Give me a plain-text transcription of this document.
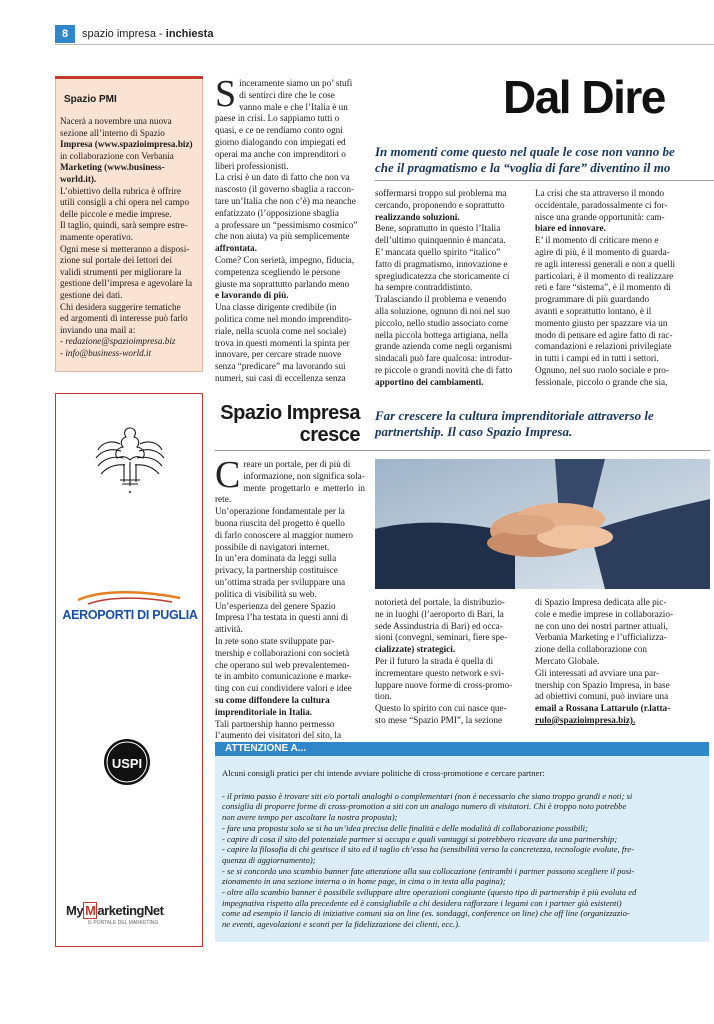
8	spazio impresa - inchiesta
Spazio PMI

Nacerà a novembre una nuova

sezione all’interno di Spazio

Impresa (www.spazioimpresa.biz)

in collaborazione con Verbania

Marketing (www.business-

world.it).

L’obiettivo della rubrica è offrire

utili consigli a chi opera nel campo

delle piccole e medie imprese.

Il taglio, quindi, sarà sempre estre-

mamente operativo.

Ogni mese si metteranno a disposi-

zione sul portale dei lettori dei

validi strumenti per migliorare la

gestione dell’impresa e agevolare la

gestione dei dati.

Chi desidera suggerire tematiche

ed argomenti di interesse può farlo

inviando una mail a:

- redazione@spazioimpresa.biz

- info@business-world.it

Dal Dire
In momenti come questo nel quale le cose non vanno be
che il pragmatismo e la “voglia di fare” diventino il mo
S inceramente siamo un po’ stufi

di sentirci dire che le cose

vanno male e che l’Italia è un

paese in crisi. Lo sappiamo tutti o

quasi, e ce ne rendiamo conto ogni

giorno dialogando con impiegati ed

operai ma anche con imprenditori o

liberi professionisti.

La crisi è un dato di fatto che non va

nascosto (il governo sbaglia a raccon-

tare un’Italia che non c’è) ma neanche

enfatizzato (l’opposizione sbaglia

a professare un “pessimismo cosmico”

che non aiuta) va più semplicemente

affrontata.

Come? Con serietà, impegno, fiducia,

competenza scegliendo le persone

giuste ma soprattutto parlando meno

e lavorando di più.

Una classe dirigente credibile (in

politica come nel mondo imprendito-

riale, nella scuola come nel sociale)

trova in questi momenti la spinta per

innovare, per cercare strade nuove

senza “predicare” ma lavorando sui

numeri, sui casi di eccellenza senza

soffermarsi troppo sul problema ma

cercando, proponendo e soprattutto

realizzando soluzioni.

Bene, soprattutto in questo l’Italia

dell’ultimo quinquennio è mancata.

E’ mancata quello spirito “italico”

fatto di pragmatismo, innovazione e

spregiudicatezza che storicamente ci

ha sempre contraddistinto.

Tralasciando il problema e venendo

alla soluzione, ognuno di noi nel suo

piccolo, nello studio associato come

nella piccola bottega artigiana, nella

grande azienda come negli organismi

sindacali può fare qualcosa: introdur-

re piccole o grandi novità che di fatto

apportino dei cambiamenti.

La crisi che sta attraverso il mondo

occidentale, paradossalmente ci for-

nisce una grande opportunità: cam-

biare ed innovare.

E’ il momento di criticare meno e

agire di più, è il momento di guarda-

re agli interessi generali e non a quelli

particolari, è il momento di realizzare

reti e fare “sistema”, è il momento di

programmare di più guardando

avanti e soprattutto lontano, è il

momento giusto per spazzare via un

modo di pensare ed agire fatto di rac-

comandazioni e relazioni privilegiate

in tutti i campi ed in tutti i settori.

Ognuno, nel suo ruolo sociale e pro-

fessionale, piccolo o grande che sia,

AEROPORTI DI PUGLIA
USPI
My M arketingNet
IL PORTALE DEL MARKETING
Spazio Impresa
cresce
Far crescere la cultura imprenditoriale attraverso le partnertship. Il caso Spazio Impresa.
C reare un portale, per di più di

informazione, non significa sola-

mente progettarlo e metterlo in rete.

Un’operazione fondamentale per la

buona riuscita del progetto è quello

di farlo conoscere al maggior numero

possibile di navigatori internet.

In un’era dominata da leggi sulla

privacy, la partnership costituisce

un’ottima strada per sviluppare una

politica di visibilità su web.

Un’esperienza del genere Spazio

Impresa l’ha testata in questi anni di

attività.

In rete sono state sviluppate par-

tnership e collaborazioni con società

che operano sul web prevalentemen-

te in ambito comunicazione e marke-

ting con cui condividere valori e idee

su come diffondere la cultura

imprenditoriale in Italia.

Tali partnership hanno permesso

l’aumento dei visitatori del sito, la

notorietà del portale, la distribuzio-

ne in luoghi (l’aeroporto di Bari, la

sede Assindustria di Bari) ed occa-

sioni (convegni, seminari, fiere spe-

cializzate) strategici.

Per il futuro la strada è quella di

incrementare questo network e svi-

luppare nuove forme di cross-promo-

tion.

Questo lo spirito con cui nasce que-

sto mese “Spazio PMI”, la sezione

di Spazio Impresa dedicata alle pic-

cole e medie imprese in collaborazio-

ne con uno dei nostri partner attuali,

Verbania Marketing e l’ufficializza-

zione della collaborazione con

Mercato Globale.

Gli interessati ad avviare una par-

tnership con Spazio Impresa, in base

ad obiettivi comuni, può inviare una

email a Rossana Lattarulo (r.latta-

rulo@spazioimpresa.biz).

ATTENZIONE A...

Alcuni consigli pratici per chi intende avviare politiche di cross-promotione e cercare partner:

- il primo passo è trovare siti e/o portali analoghi o complementari (non è necessario che siano troppo grandi e noti; si

consiglia di proporre forme di cross-promotion a siti con un analogo numero di visitatori. Chi è troppo noto potrebbe

non avere tempo per ascoltare la nostra proposta);

- fare una proposta solo se si ha un’idea precisa delle finalità e delle modalità di collaborazione possibili;

- capire di cosa il sito del potenziale partner si occupa e quali vantaggi si potrebbero ricavare da una partnership;

- capire la filosofia di chi gestisce il sito ed il taglio ch’esso ha (sensibilità verso la concretezza, tecnologie evolute, fre-

quenza di aggiornamento);

- se si concorda uno scambio banner fate attenzione alla sua collocazione (entrambi i partner possono scegliere il posi-

zionamento in una sezione interna o in home page, in cima o in testa alla pagina);

- oltre allo scambio banner è possibile sviluppare altre operazioni congiunte (questo tipo di partnership è più evoluta ed

impegnativa rispetto alla precedente ed è consigliabile a chi desidera rafforzare i legami con i partner già esistenti)

come ad esempio il lancio di iniziative comuni sia on line (es. sondaggi, conference on line) che off line (organizzazio-

ne eventi, agevolazioni e sconti per la fidelizzazione dei clienti, ecc.).
